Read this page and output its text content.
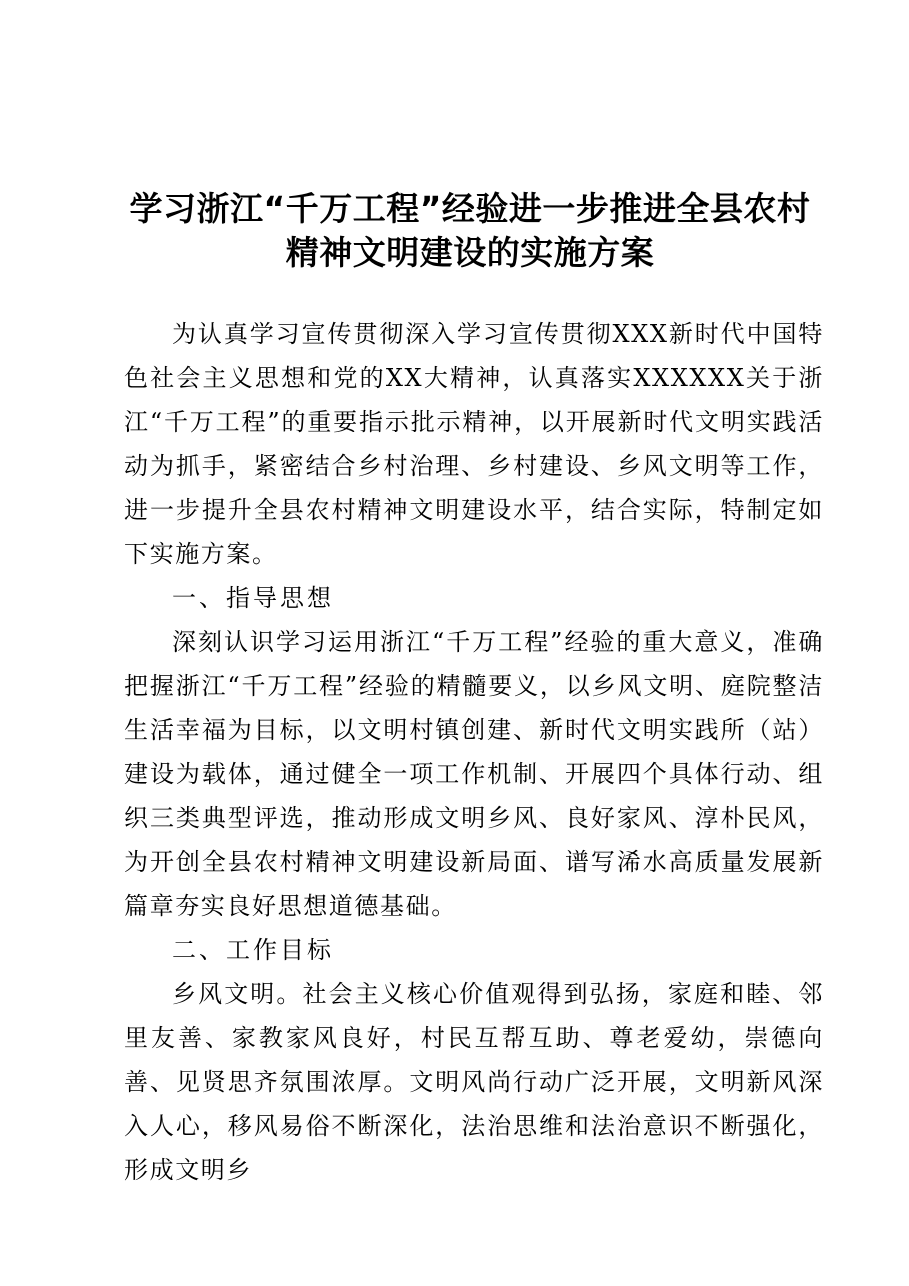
学习浙江“千万工程”经验进一步推进全县农村
精神文明建设的实施方案

为认真学习宣传贯彻深入学习宣传贯彻XXX新时代中国特色社会主义思想和党的XX大精神，认真落实XXXXXX关于浙江“千万工程”的重要指示批示精神，以开展新时代文明实践活动为抓手，紧密结合乡村治理、乡村建设、乡风文明等工作，进一步提升全县农村精神文明建设水平，结合实际，特制定如下实施方案。

一、指导思想

深刻认识学习运用浙江“千万工程”经验的重大意义，准确把握浙江“千万工程”经验的精髓要义，以乡风文明、庭院整洁生活幸福为目标，以文明村镇创建、新时代文明实践所（站）建设为载体，通过健全一项工作机制、开展四个具体行动、组织三类典型评选，推动形成文明乡风、良好家风、淳朴民风，为开创全县农村精神文明建设新局面、谱写浠水高质量发展新篇章夯实良好思想道德基础。

二、工作目标

乡风文明。社会主义核心价值观得到弘扬，家庭和睦、邻里友善、家教家风良好，村民互帮互助、尊老爱幼，崇德向善、见贤思齐氛围浓厚。文明风尚行动广泛开展，文明新风深入人心，移风易俗不断深化，法治思维和法治意识不断强化，形成文明乡
